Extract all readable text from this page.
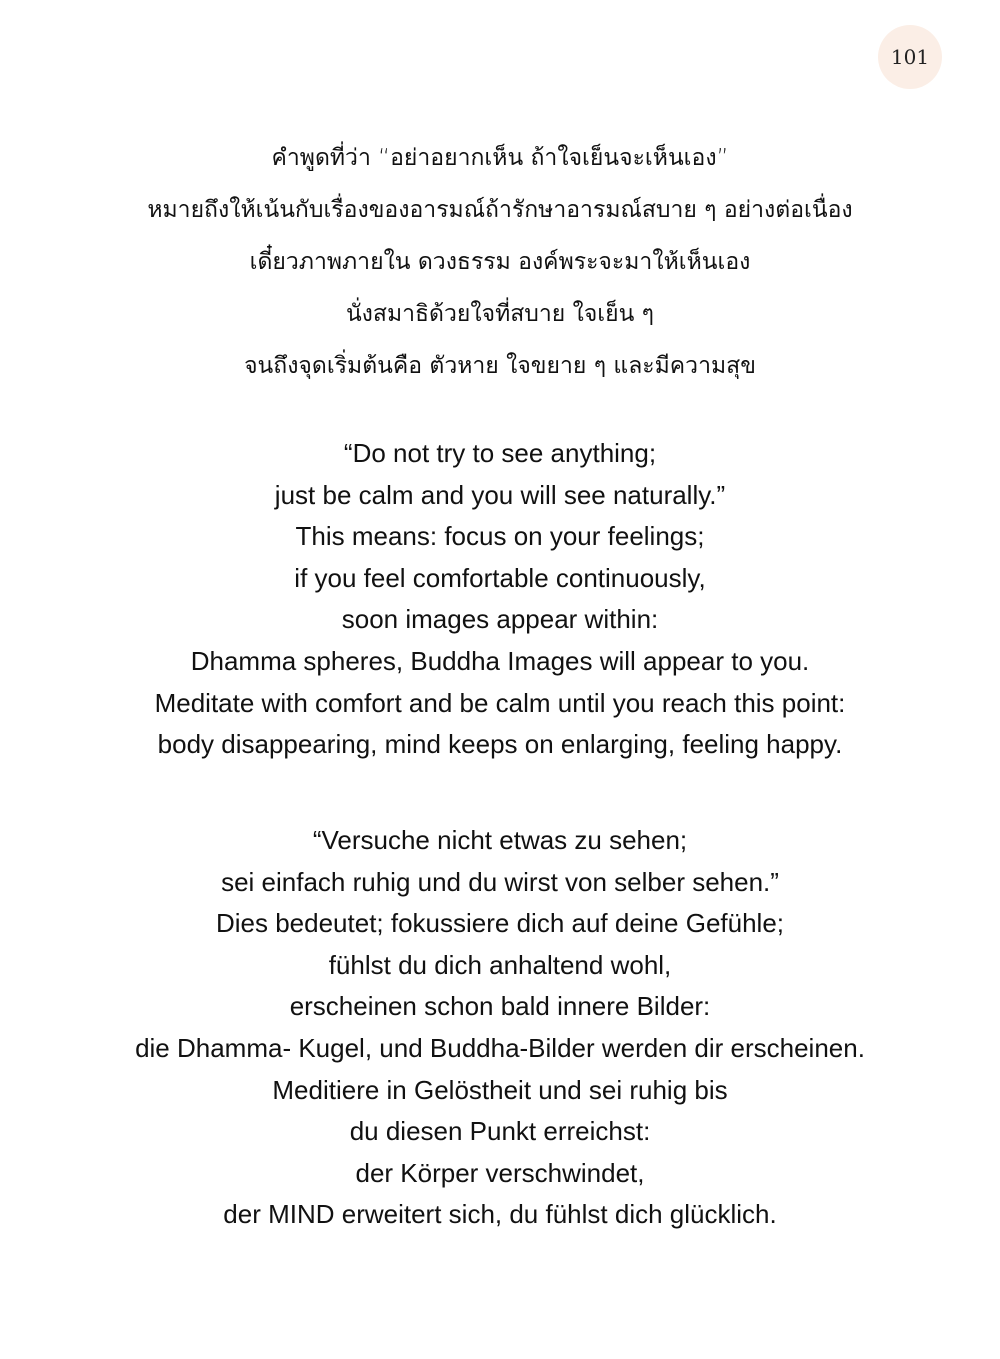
101
คำพูดที่ว่า “อย่าอยากเห็น ถ้าใจเย็นจะเห็นเอง”
หมายถึงให้เน้นกับเรื่องของอารมณ์ถ้ารักษาอารมณ์สบาย ๆ อย่างต่อเนื่อง
เดี๋ยวภาพภายใน ดวงธรรม องค์พระจะมาให้เห็นเอง
นั่งสมาธิด้วยใจที่สบาย ใจเย็น ๆ
จนถึงจุดเริ่มต้นคือ ตัวหาย ใจขยาย ๆ และมีความสุข
“Do not try to see anything;
just be calm and you will see naturally.”
This means: focus on your feelings;
if you feel comfortable continuously,
soon images appear within:
Dhamma spheres, Buddha Images will appear to you.
Meditate with comfort and be calm until you reach this point:
body disappearing, mind keeps on enlarging, feeling happy.
“Versuche nicht etwas zu sehen;
sei einfach ruhig und du wirst von selber sehen.”
Dies bedeutet; fokussiere dich auf deine Gefühle;
fühlst du dich anhaltend wohl,
erscheinen schon bald innere Bilder:
die Dhamma- Kugel, und Buddha-Bilder werden dir erscheinen.
Meditiere in Gelöstheit und sei ruhig bis
du diesen Punkt erreichst:
der Körper verschwindet,
der MIND erweitert sich, du fühlst dich glücklich.
